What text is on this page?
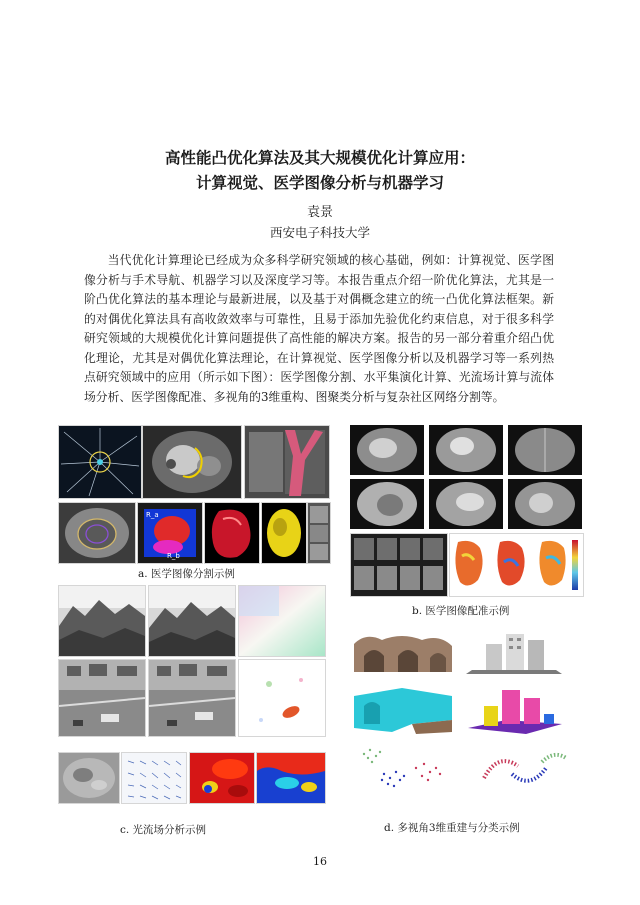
高性能凸优化算法及其大规模优化计算应用：
计算视觉、医学图像分析与机器学习
袁景
西安电子科技大学

当代优化计算理论已经成为众多科学研究领域的核心基础，例如：计算视觉、医学图像分析与手术导航、机器学习以及深度学习等。本报告重点介绍一阶优化算法，尤其是一阶凸优化算法的基本理论与最新进展，以及基于对偶概念建立的统一凸优化算法框架。新的对偶优化算法具有高收敛效率与可靠性，且易于添加先验优化约束信息，对于很多科学研究领域的大规模优化计算问题提供了高性能的解决方案。报告的另一部分着重介绍凸优化理论，尤其是对偶优化算法理论，在计算视觉、医学图像分析以及机器学习等一系列热点研究领域中的应用（所示如下图）：医学图像分割、水平集演化计算、光流场计算与流体场分析、医学图像配准、多视角的3维重构、图聚类分析与复杂社区网络分割等。

R_a
R_b
a. 医学图像分割示例
b. 医学图像配准示例
c. 光流场分析示例	d. 多视角3维重建与分类示例
16
